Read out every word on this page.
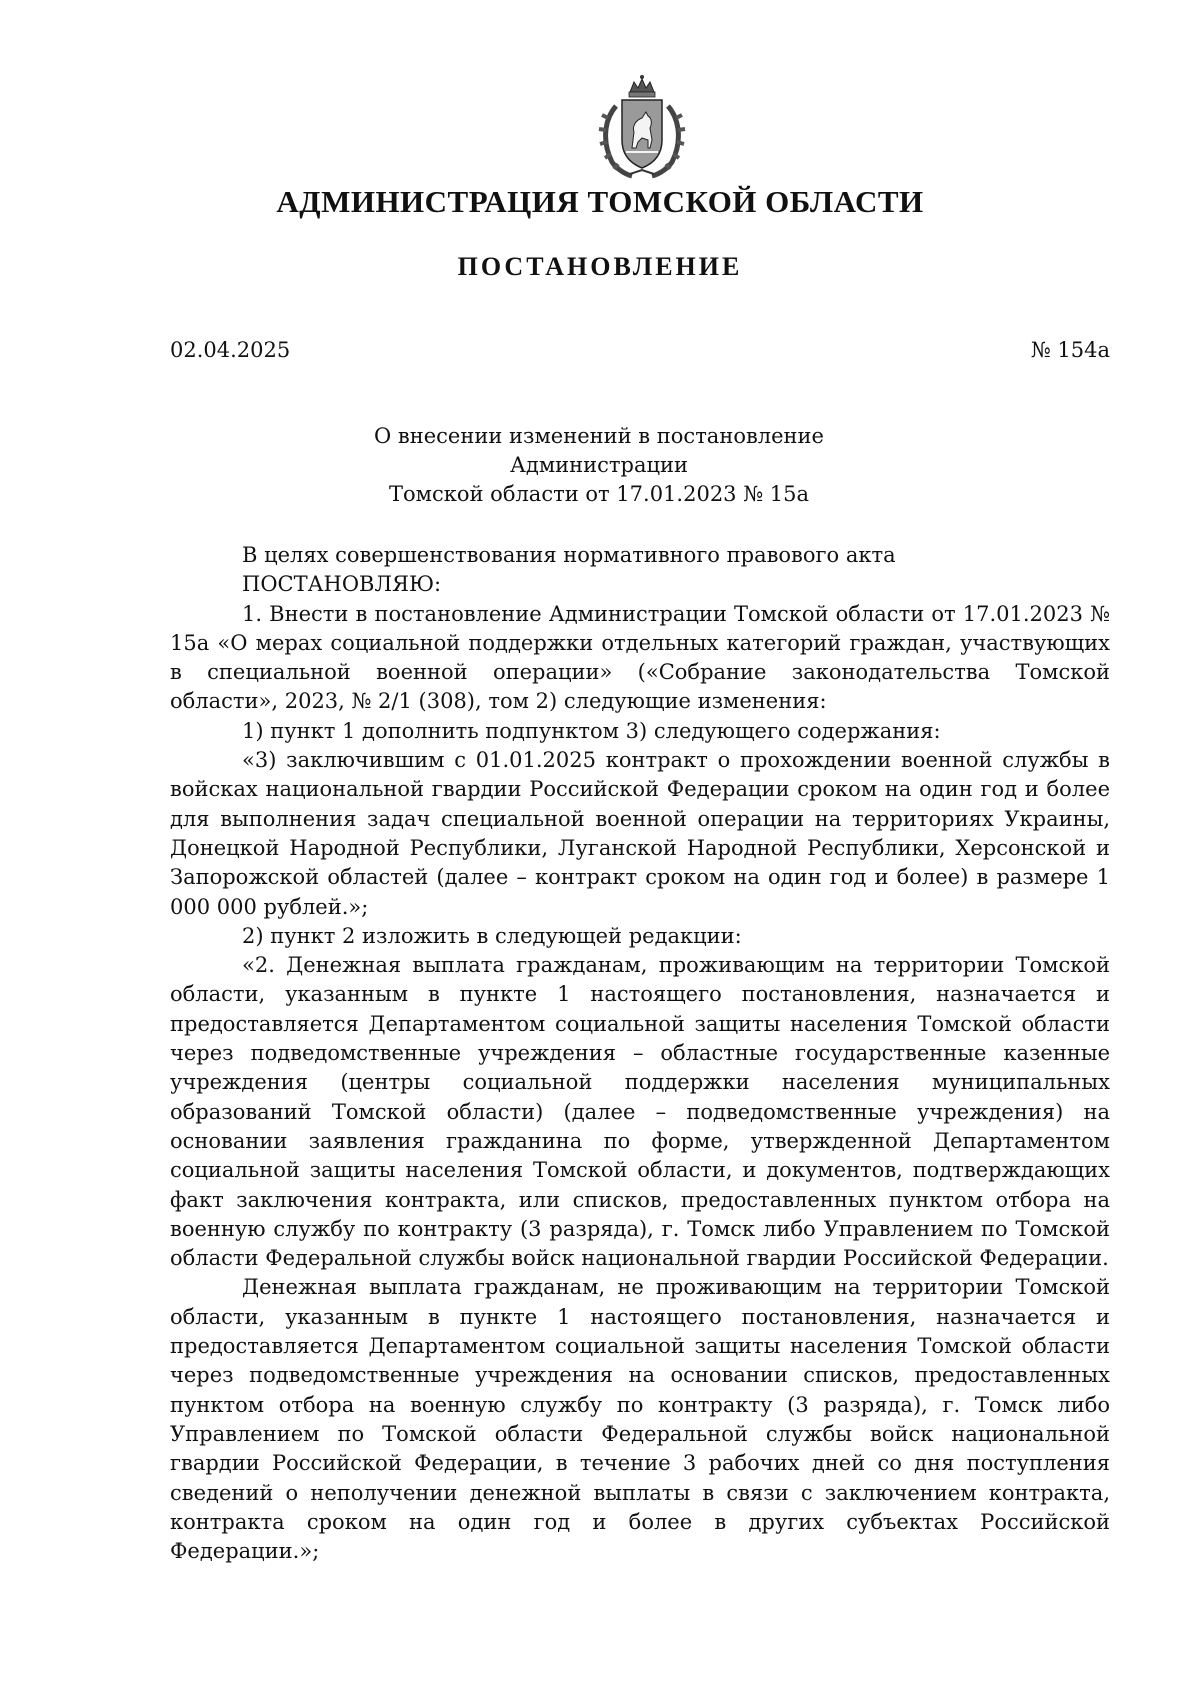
АДМИНИСТРАЦИЯ ТОМСКОЙ ОБЛАСТИ
ПОСТАНОВЛЕНИЕ
02.04.2025	№ 154а
О внесении изменений в постановление Администрации
Томской области от 17.01.2023 № 15а

В целях совершенствования нормативного правового акта

ПОСТАНОВЛЯЮ:

1. Внести в постановление Администрации Томской области от 17.01.2023 № 15а «О мерах социальной поддержки отдельных категорий граждан, участвующих в специальной военной операции» («Собрание законодательства Томской области», 2023, № 2/1 (308), том 2) следующие изменения:

1) пункт 1 дополнить подпунктом 3) следующего содержания:

«3) заключившим с 01.01.2025 контракт о прохождении военной службы в войсках национальной гвардии Российской Федерации сроком на один год и более для выполнения задач специальной военной операции на территориях Украины, Донецкой Народной Республики, Луганской Народной Республики, Херсонской и Запорожской областей (далее – контракт сроком на один год и более) в размере 1 000 000 рублей.»;

2) пункт 2 изложить в следующей редакции:

«2. Денежная выплата гражданам, проживающим на территории Томской области, указанным в пункте 1 настоящего постановления, назначается и предоставляется Департаментом социальной защиты населения Томской области через подведомственные учреждения – областные государственные казенные учреждения (центры социальной поддержки населения муниципальных образований Томской области) (далее – подведомственные учреждения) на основании заявления гражданина по форме, утвержденной Департаментом социальной защиты населения Томской области, и документов, подтверждающих факт заключения контракта, или списков, предоставленных пунктом отбора на военную службу по контракту (3 разряда), г. Томск либо Управлением по Томской области Федеральной службы войск национальной гвардии Российской Федерации.

Денежная выплата гражданам, не проживающим на территории Томской области, указанным в пункте 1 настоящего постановления, назначается и предоставляется Департаментом социальной защиты населения Томской области через подведомственные учреждения на основании списков, предоставленных пунктом отбора на военную службу по контракту (3 разряда), г. Томск либо Управлением по Томской области Федеральной службы войск национальной гвардии Российской Федерации, в течение 3 рабочих дней со дня поступления сведений о неполучении денежной выплаты в связи с заключением контракта, контракта сроком на один год и более в других субъектах Российской Федерации.»;
